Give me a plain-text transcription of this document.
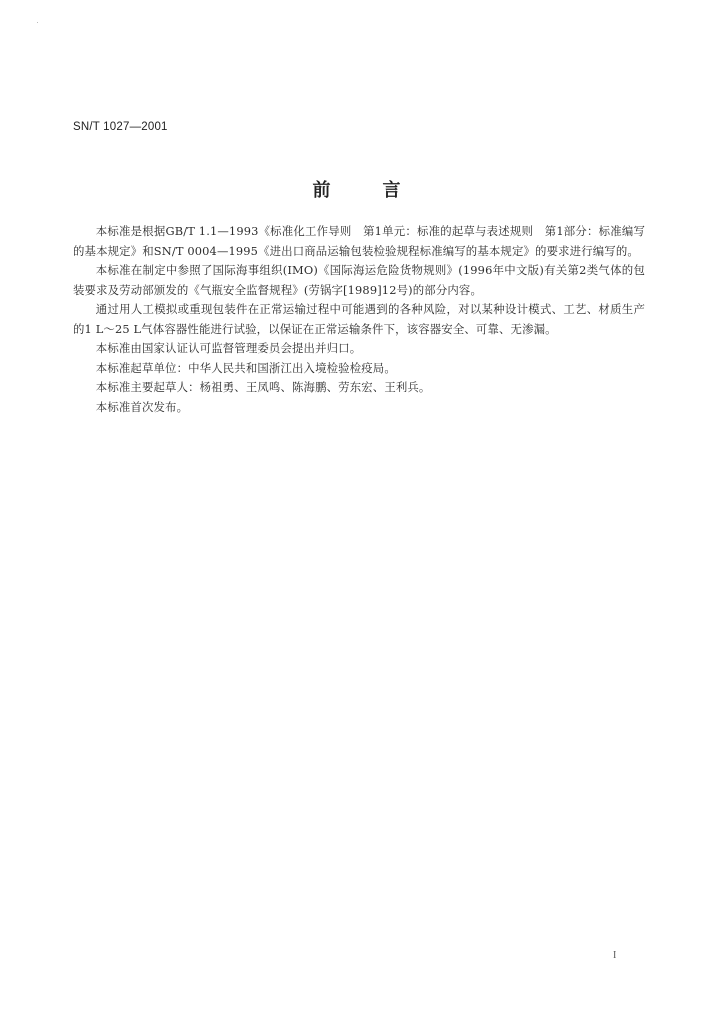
SN/T 1027—2001
前言

本标准是根据GB/T 1.1—1993《标准化工作导则　第1单元：标准的起草与表述规则　第1部分：标准编写的基本规定》和SN/T 0004—1995《进出口商品运输包装检验规程标准编写的基本规定》的要求进行编写的。

本标准在制定中参照了国际海事组织(IMO)《国际海运危险货物规则》(1996年中文版)有关第2类气体的包装要求及劳动部颁发的《气瓶安全监督规程》(劳锅字[1989]12号)的部分内容。

通过用人工模拟或重现包装件在正常运输过程中可能遇到的各种风险，对以某种设计模式、工艺、材质生产的1 L～25 L气体容器性能进行试验，以保证在正常运输条件下，该容器安全、可靠、无渗漏。

本标准由国家认证认可监督管理委员会提出并归口。

本标准起草单位：中华人民共和国浙江出入境检验检疫局。

本标准主要起草人：杨祖勇、王凤鸣、陈海鹏、劳东宏、王利兵。

本标准首次发布。

I
